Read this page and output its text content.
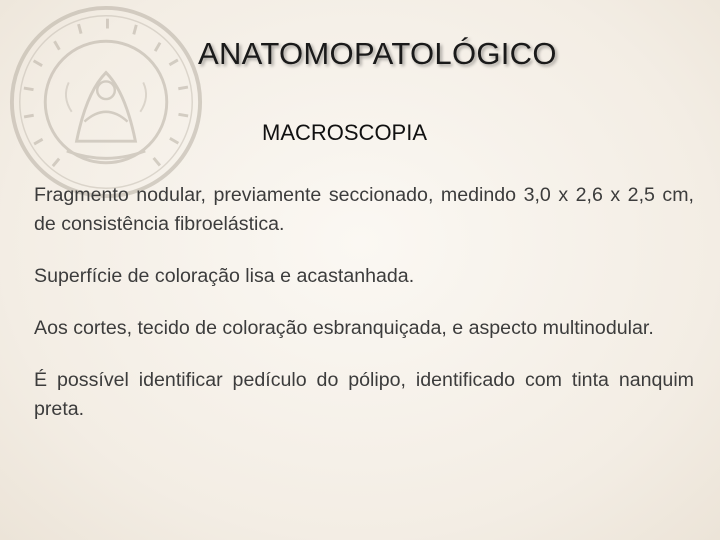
ANATOMOPATOLÓGICO
MACROSCOPIA

Fragmento nodular, previamente seccionado, medindo 3,0 x 2,6 x 2,5 cm, de consistência fibroelástica.

Superfície de coloração lisa e acastanhada.

Aos cortes, tecido de coloração esbranquiçada, e aspecto multinodular.

É possível identificar pedículo do pólipo, identificado com tinta nanquim preta.
